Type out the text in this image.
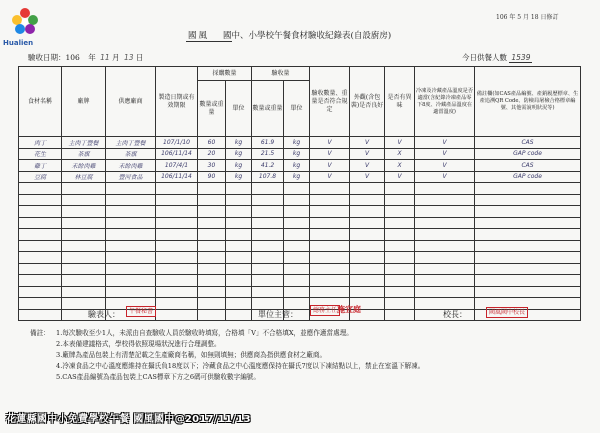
Hualien
106 年 5 月 18 日修訂
國風 國中、小學校午餐食材驗收紀錄表(自設廚房)
驗收日期：106 年 11 月 13 日	今日供餐人數 1539
食材名稱	廠牌	供應廠商	製造日期或有效期限	採購數量		驗收量		驗收數量、重量是否符合規定	外觀(含包裝)是否良好	是否有異味	冷凍及冷藏產品溫度是否適當(含紀錄冷凍產品零下8度、冷藏產品溫度在適當溫度)	備註欄(如CAS產品編號、產銷履歷標章、生產追溯QR Code、防檢局屠檢合格標章編號、其他需說明狀況等)
				數量或重量	單位	數量或重量	單位					
肉丁	主肉丁豐餐	主肉丁豐餐	107/1/10	60	kg	61.9	kg	V	V	V	V	CAS
花生	茶旗	茶旗	106/11/14	20	kg	21.5	kg	V	V	X	V	GAP code
雞丁	禾餘肉雞	禾餘肉雞	107/4/1	30	kg	41.2	kg	V	V	X	V	CAS
豆腐	林豆腐	豐河食品	106/11/14	90	kg	107.8	kg	V	V	V	V	GAP code

驗表人：	午餐秘書	單位主管：	總務主任 施宜庭
校長：	國風國中校長
備註： 1.每次驗收至少1人，未派由自查驗收人員於驗收時填寫，合格填「V」不合格填X，並應作適當處理。
2.本表備建議格式，學校得依照現場狀況進行合理調整。
3.廠牌為產品包裝上有清楚記載之生產廠商名稱，如無則填無；供應商為指供應食材之廠商。
4.冷凍食品之中心溫度應維持在攝氏負18度以下；冷藏食品之中心溫度應保持在攝氏7度以下凍結點以上，禁止在室溫下解凍。
5.CAS產品編號為產品包裝上CAS標章下方之6碼可供驗收數字編號。
花蓮縣國中小免費學校午餐 國風國中@2017/11/13
